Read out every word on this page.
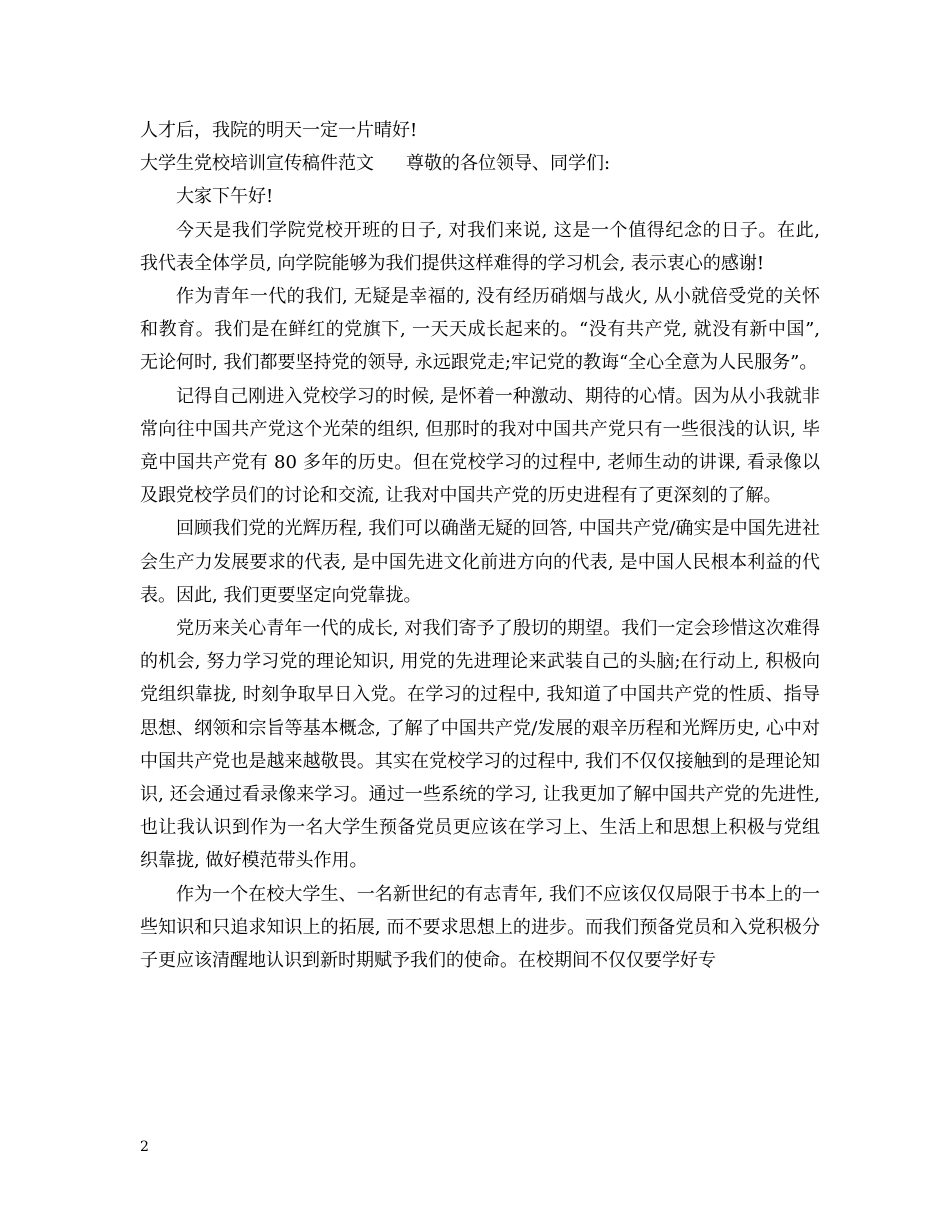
人才后，我院的明天一定一片晴好!

大学生党校培训宣传稿件范文 尊敬的各位领导、同学们:

大家下午好!

今天是我们学院党校开班的日子, 对我们来说, 这是一个值得纪念的日子。在此, 我代表全体学员, 向学院能够为我们提供这样难得的学习机会, 表示衷心的感谢!

作为青年一代的我们, 无疑是幸福的, 没有经历硝烟与战火, 从小就倍受党的关怀和教育。我们是在鲜红的党旗下, 一天天成长起来的。“没有共产党, 就没有新中国”, 无论何时, 我们都要坚持党的领导, 永远跟党走;牢记党的教诲“全心全意为人民服务”。

记得自己刚进入党校学习的时候, 是怀着一种激动、期待的心情。因为从小我就非常向往中国共产党这个光荣的组织, 但那时的我对中国共产党只有一些很浅的认识, 毕竟中国共产党有 80 多年的历史。但在党校学习的过程中, 老师生动的讲课, 看录像以及跟党校学员们的讨论和交流, 让我对中国共产党的历史进程有了更深刻的了解。

回顾我们党的光辉历程, 我们可以确凿无疑的回答, 中国共产党/确实是中国先进社会生产力发展要求的代表, 是中国先进文化前进方向的代表, 是中国人民根本利益的代表。因此, 我们更要坚定向党靠拢。

党历来关心青年一代的成长, 对我们寄予了殷切的期望。我们一定会珍惜这次难得的机会, 努力学习党的理论知识, 用党的先进理论来武装自己的头脑;在行动上, 积极向党组织靠拢, 时刻争取早日入党。在学习的过程中, 我知道了中国共产党的性质、指导思想、纲领和宗旨等基本概念, 了解了中国共产党/发展的艰辛历程和光辉历史, 心中对中国共产党也是越来越敬畏。其实在党校学习的过程中, 我们不仅仅接触到的是理论知识, 还会通过看录像来学习。通过一些系统的学习, 让我更加了解中国共产党的先进性, 也让我认识到作为一名大学生预备党员更应该在学习上、生活上和思想上积极与党组织靠拢, 做好模范带头作用。

作为一个在校大学生、一名新世纪的有志青年, 我们不应该仅仅局限于书本上的一些知识和只追求知识上的拓展, 而不要求思想上的进步。而我们预备党员和入党积极分子更应该清醒地认识到新时期赋予我们的使命。在校期间不仅仅要学好专

2
